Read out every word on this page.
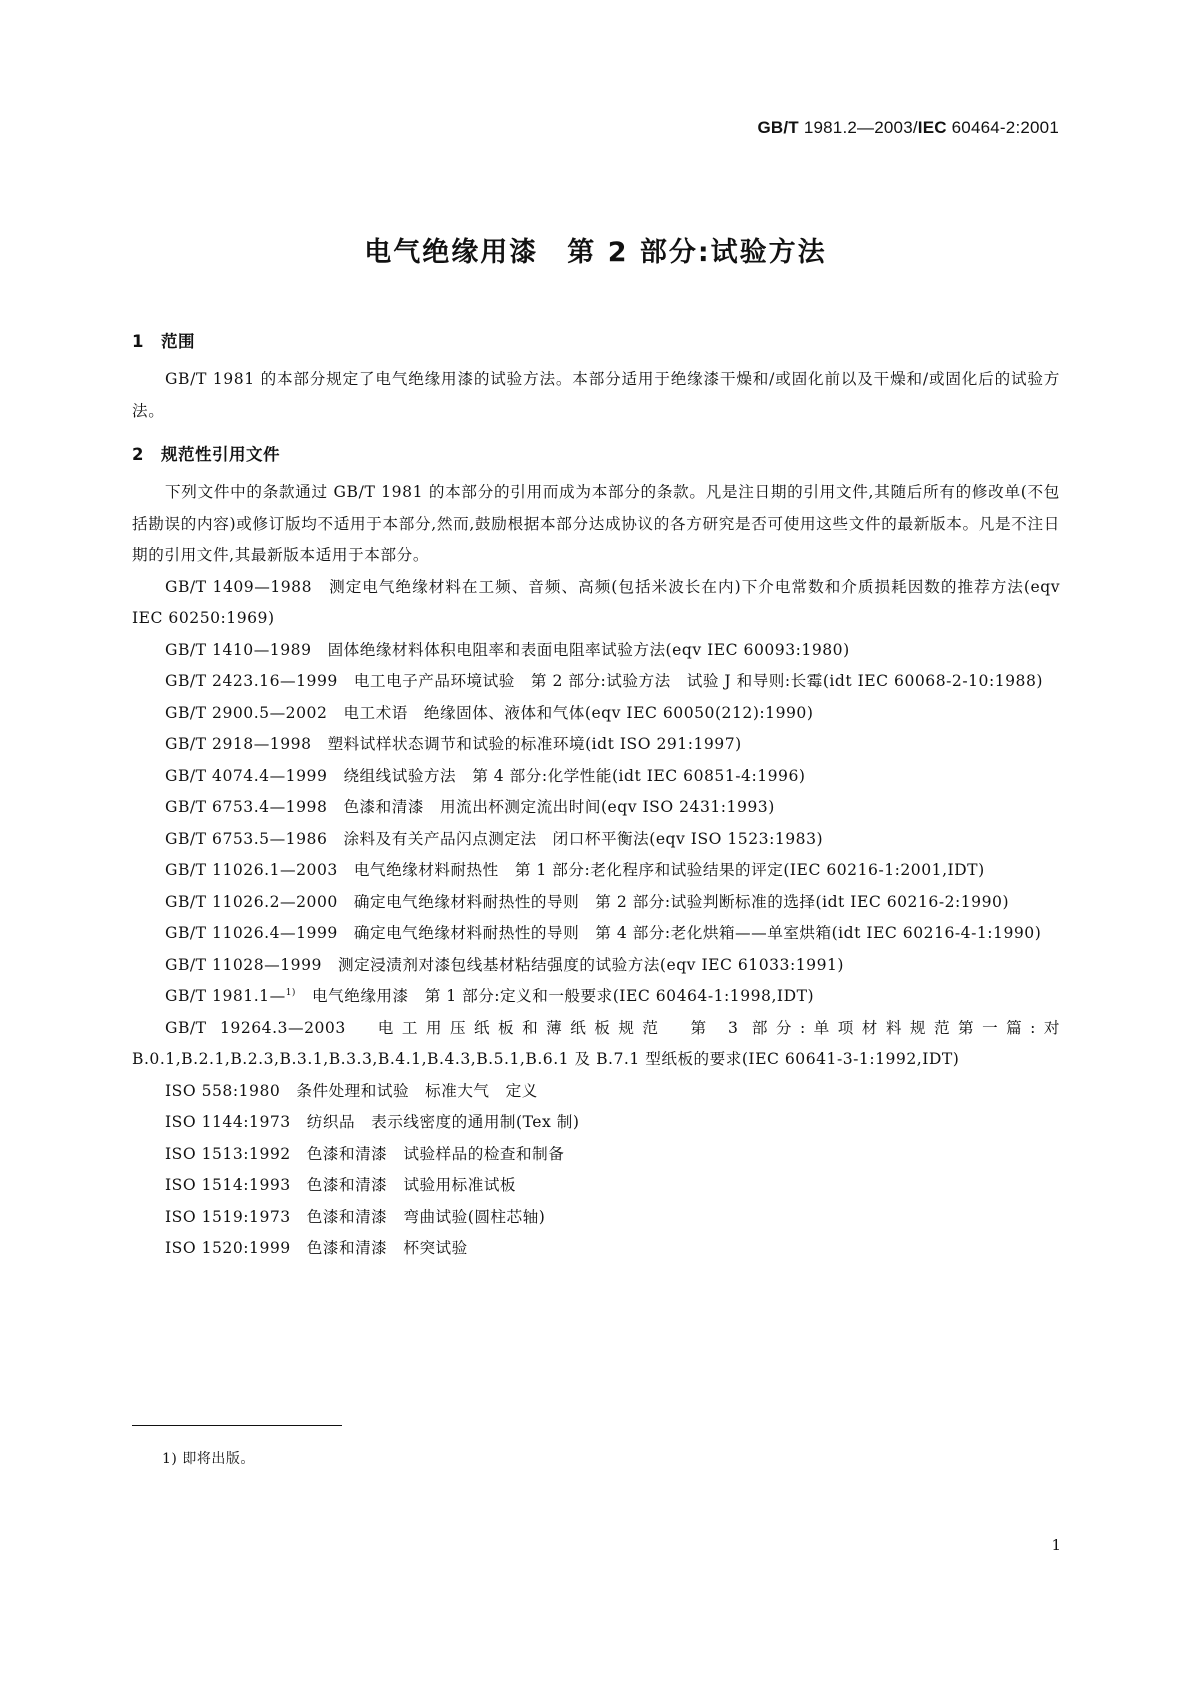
GB/T 1981.2—2003/IEC 60464-2:2001
电气绝缘用漆　第 2 部分:试验方法
1　范围
GB/T 1981 的本部分规定了电气绝缘用漆的试验方法。本部分适用于绝缘漆干燥和/或固化前以及干燥和/或固化后的试验方法。
2　规范性引用文件
下列文件中的条款通过 GB/T 1981 的本部分的引用而成为本部分的条款。凡是注日期的引用文件,其随后所有的修改单(不包括勘误的内容)或修订版均不适用于本部分,然而,鼓励根据本部分达成协议的各方研究是否可使用这些文件的最新版本。凡是不注日期的引用文件,其最新版本适用于本部分。
GB/T 1409—1988　测定电气绝缘材料在工频、音频、高频(包括米波长在内)下介电常数和介质损耗因数的推荐方法(eqv IEC 60250:1969)
GB/T 1410—1989　固体绝缘材料体积电阻率和表面电阻率试验方法(eqv IEC 60093:1980)
GB/T 2423.16—1999　电工电子产品环境试验　第 2 部分:试验方法　试验 J 和导则:长霉(idt IEC 60068-2-10:1988)
GB/T 2900.5—2002　电工术语　绝缘固体、液体和气体(eqv IEC 60050(212):1990)
GB/T 2918—1998　塑料试样状态调节和试验的标准环境(idt ISO 291:1997)
GB/T 4074.4—1999　绕组线试验方法　第 4 部分:化学性能(idt IEC 60851-4:1996)
GB/T 6753.4—1998　色漆和清漆　用流出杯测定流出时间(eqv ISO 2431:1993)
GB/T 6753.5—1986　涂料及有关产品闪点测定法　闭口杯平衡法(eqv ISO 1523:1983)
GB/T 11026.1—2003　电气绝缘材料耐热性　第 1 部分:老化程序和试验结果的评定(IEC 60216-1:2001,IDT)
GB/T 11026.2—2000　确定电气绝缘材料耐热性的导则　第 2 部分:试验判断标准的选择(idt IEC 60216-2:1990)
GB/T 11026.4—1999　确定电气绝缘材料耐热性的导则　第 4 部分:老化烘箱——单室烘箱(idt IEC 60216-4-1:1990)
GB/T 11028—1999　测定浸渍剂对漆包线基材粘结强度的试验方法(eqv IEC 61033:1991)
GB/T 1981.1—$^{1)}$　电气绝缘用漆　第 1 部分:定义和一般要求(IEC 60464-1:1998,IDT)
GB/T 19264.3—2003　电工用压纸板和薄纸板规范　第 3 部分:单项材料规范第一篇:对 B.0.1,B.2.1,B.2.3,B.3.1,B.3.3,B.4.1,B.4.3,B.5.1,B.6.1 及 B.7.1 型纸板的要求(IEC 60641-3-1:1992,IDT)
ISO 558:1980　条件处理和试验　标准大气　定义
ISO 1144:1973　纺织品　表示线密度的通用制(Tex 制)
ISO 1513:1992　色漆和清漆　试验样品的检查和制备
ISO 1514:1993　色漆和清漆　试验用标准试板
ISO 1519:1973　色漆和清漆　弯曲试验(圆柱芯轴)
ISO 1520:1999　色漆和清漆　杯突试验
1) 即将出版。
1
